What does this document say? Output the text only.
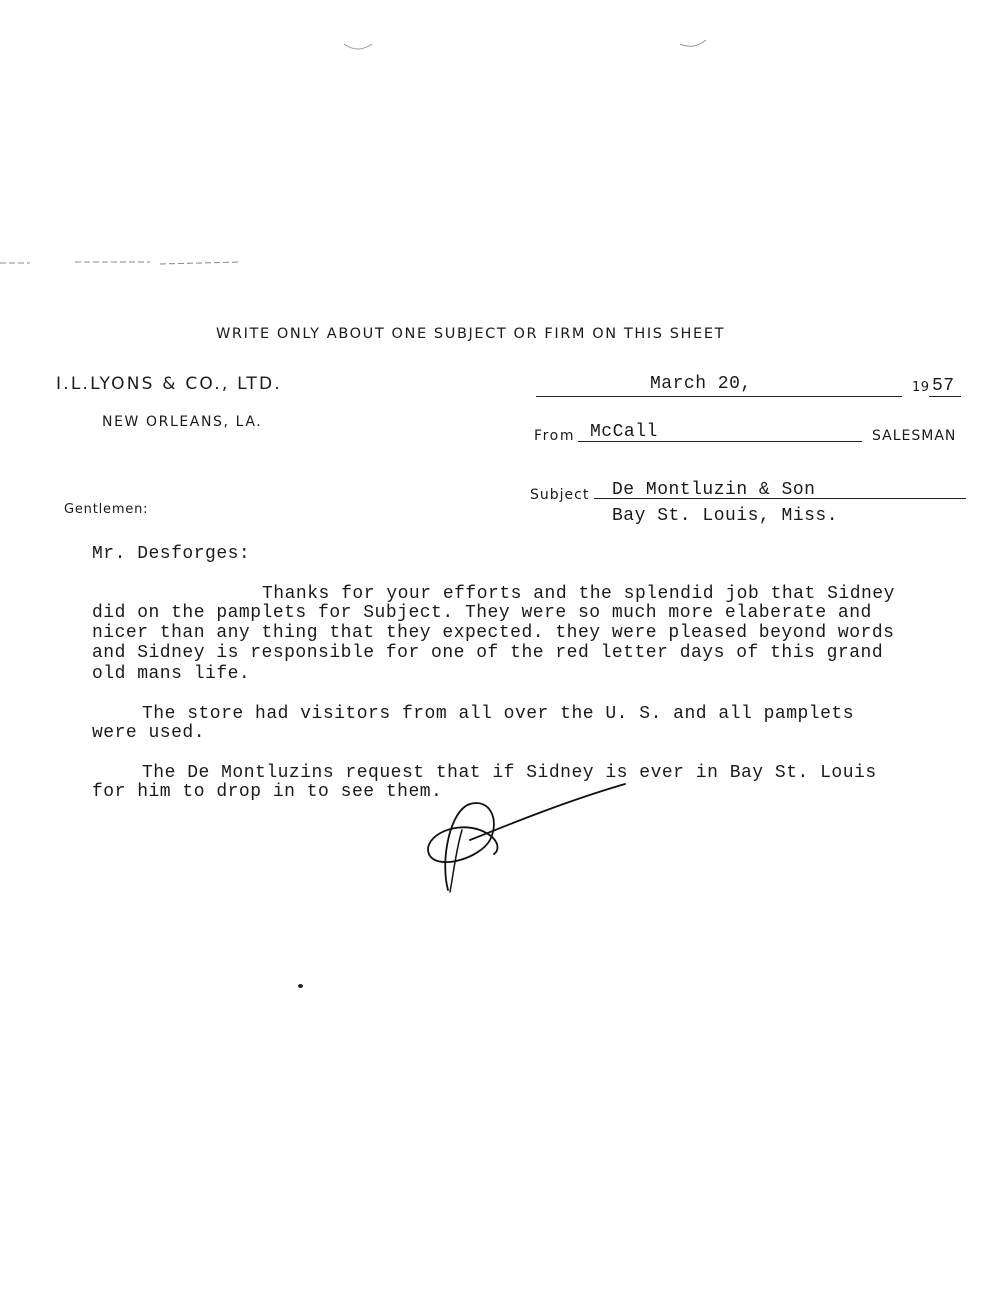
WRITE ONLY ABOUT ONE SUBJECT OR FIRM ON THIS SHEET
I.L.LYONS & CO., LTD.
NEW ORLEANS, LA.
March 20,	19 57
From McCall	SALESMAN
Subject De Montluzin & Son
Bay St. Louis, Miss.
Gentlemen:
Mr. Desforges:
Thanks for your efforts and the splendid job that Sidney
did on the pamplets for Subject. They were so much more elaberate and
nicer than any thing that they expected. they were pleased beyond words
and Sidney is responsible for one of the red letter days of this grand
old mans life.
The store had visitors from all over the U. S. and all pamplets
were used.
The De Montluzins request that if Sidney is ever in Bay St. Louis
for him to drop in to see them.
